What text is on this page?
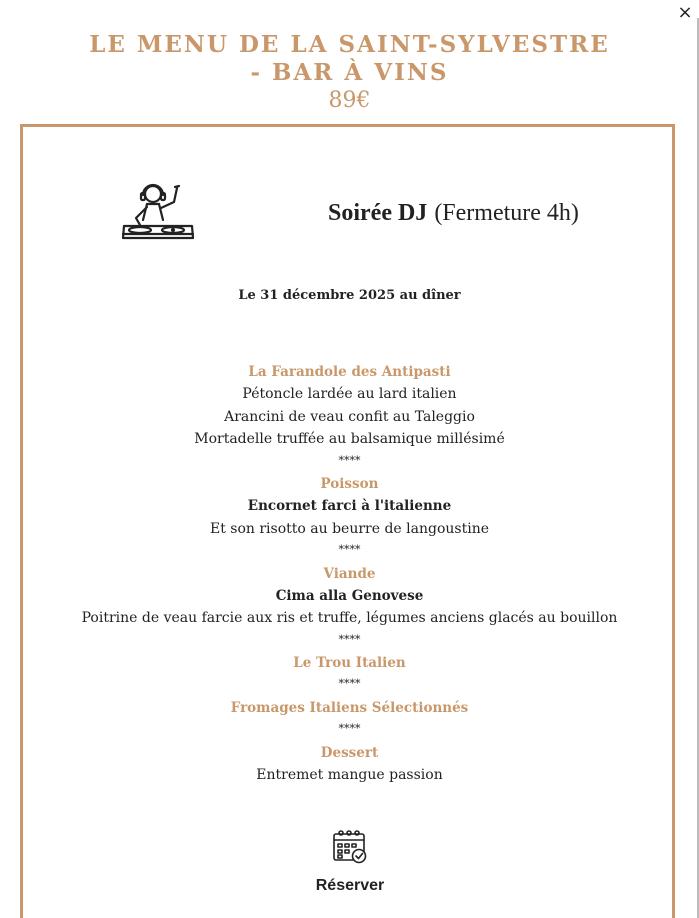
×
LE MENU DE LA SAINT-SYLVESTRE
- BAR À VINS
89€
Soirée DJ (Fermeture 4h)
Le 31 décembre 2025 au dîner
La Farandole des Antipasti
Pétoncle lardée au lard italien
Arancini de veau confit au Taleggio
Mortadelle truffée au balsamique millésimé
****
Poisson
Encornet farci à l'italienne
Et son risotto au beurre de langoustine
****
Viande
Cima alla Genovese
Poitrine de veau farcie aux ris et truffe, légumes anciens glacés au bouillon
****
Le Trou Italien
****
Fromages Italiens Sélectionnés
****
Dessert
Entremet mangue passion
Réserver
